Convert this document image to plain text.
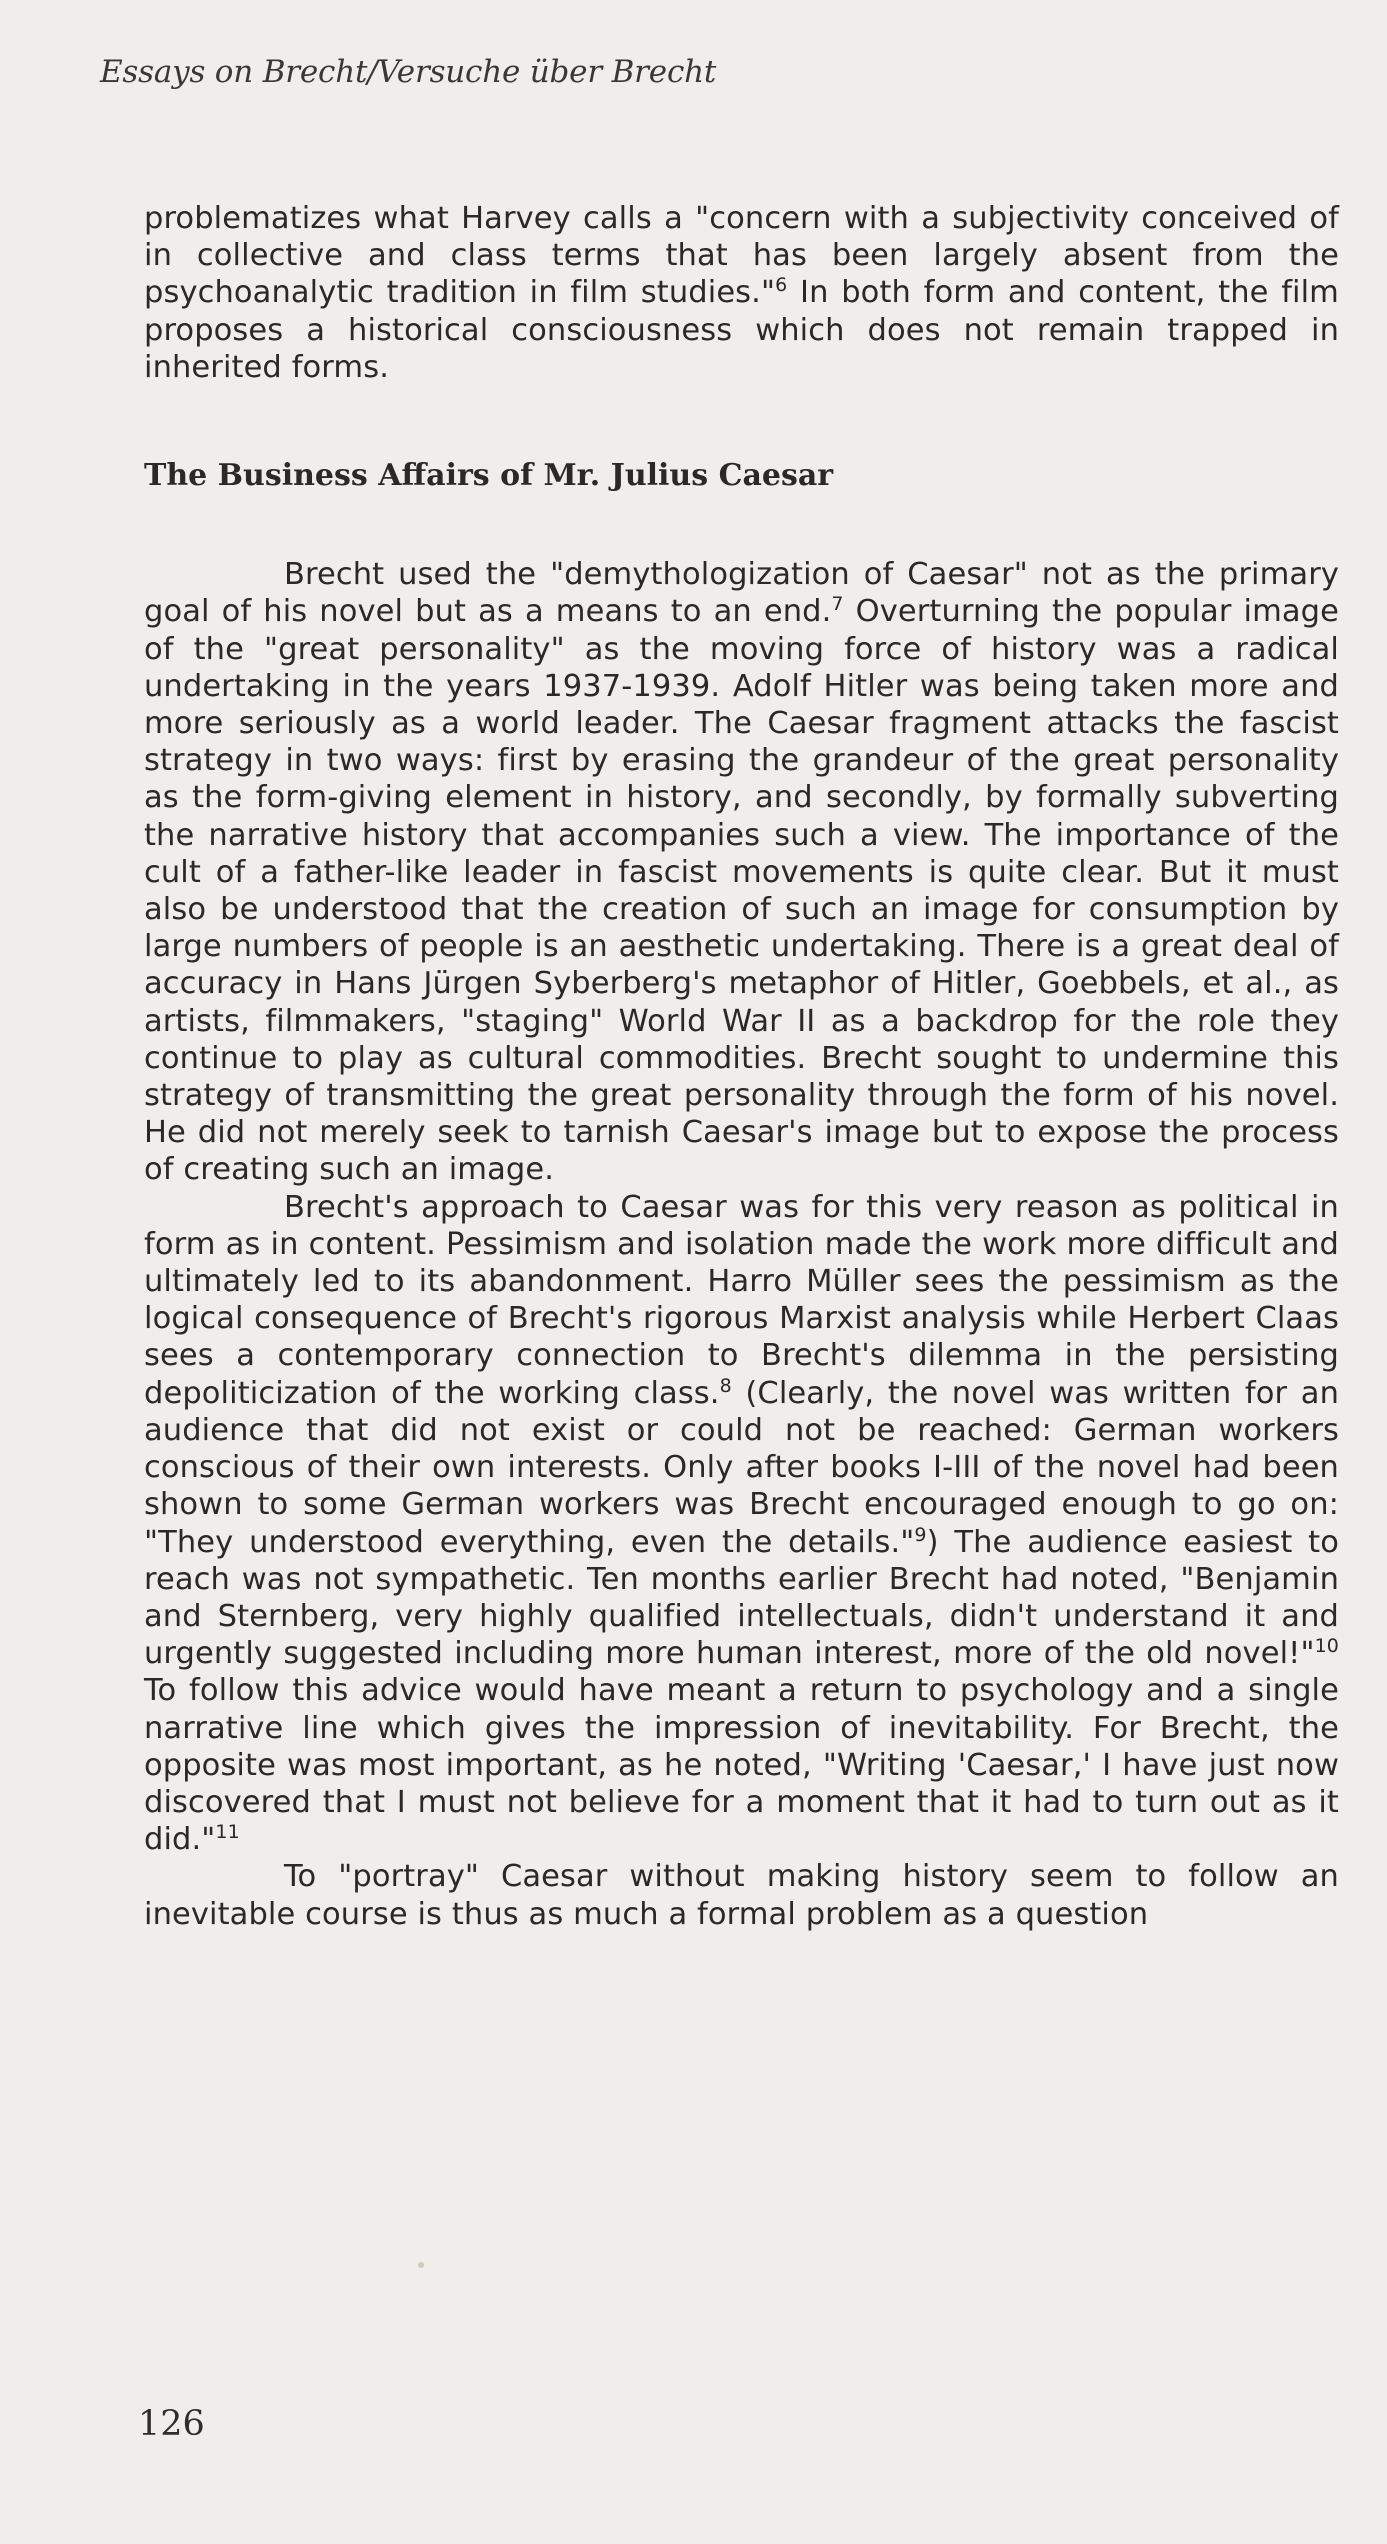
Essays on Brecht/Versuche über Brecht

problematizes what Harvey calls a "concern with a subjectivity conceived of in collective and class terms that has been largely absent from the psychoanalytic tradition in film studies."$^6$ In both form and content, the film proposes a historical consciousness which does not remain trapped in inherited forms.

The Business Affairs of Mr. Julius Caesar

Brecht used the "demythologization of Caesar" not as the primary goal of his novel but as a means to an end.$^7$ Overturning the popular image of the "great personality" as the moving force of history was a radical undertaking in the years 1937-1939. Adolf Hitler was being taken more and more seriously as a world leader. The Caesar fragment attacks the fascist strategy in two ways: first by erasing the grandeur of the great personality as the form-giving element in history, and secondly, by formally subverting the narrative history that accompanies such a view. The importance of the cult of a father-like leader in fascist movements is quite clear. But it must also be understood that the creation of such an image for consumption by large numbers of people is an aesthetic undertaking. There is a great deal of accuracy in Hans Jürgen Syberberg's metaphor of Hitler, Goebbels, et al., as artists, filmmakers, "staging" World War II as a backdrop for the role they continue to play as cultural commodities. Brecht sought to undermine this strategy of transmitting the great personality through the form of his novel. He did not merely seek to tarnish Caesar's image but to expose the process of creating such an image.

Brecht's approach to Caesar was for this very reason as political in form as in content. Pessimism and isolation made the work more difficult and ultimately led to its abandonment. Harro Müller sees the pessimism as the logical consequence of Brecht's rigorous Marxist analysis while Herbert Claas sees a contemporary connection to Brecht's dilemma in the persisting depoliticization of the working class.$^8$ (Clearly, the novel was written for an audience that did not exist or could not be reached: German workers conscious of their own interests. Only after books I-III of the novel had been shown to some German workers was Brecht encouraged enough to go on: "They understood everything, even the details."$^9$) The audience easiest to reach was not sympathetic. Ten months earlier Brecht had noted, "Benjamin and Sternberg, very highly qualified intellectuals, didn't understand it and urgently suggested including more human interest, more of the old novel!"$^{10}$ To follow this advice would have meant a return to psychology and a single narrative line which gives the impression of inevitability. For Brecht, the opposite was most important, as he noted, "Writing 'Caesar,' I have just now discovered that I must not believe for a moment that it had to turn out as it did."$^{11}$

To "portray" Caesar without making history seem to follow an inevitable course is thus as much a formal problem as a question

126
